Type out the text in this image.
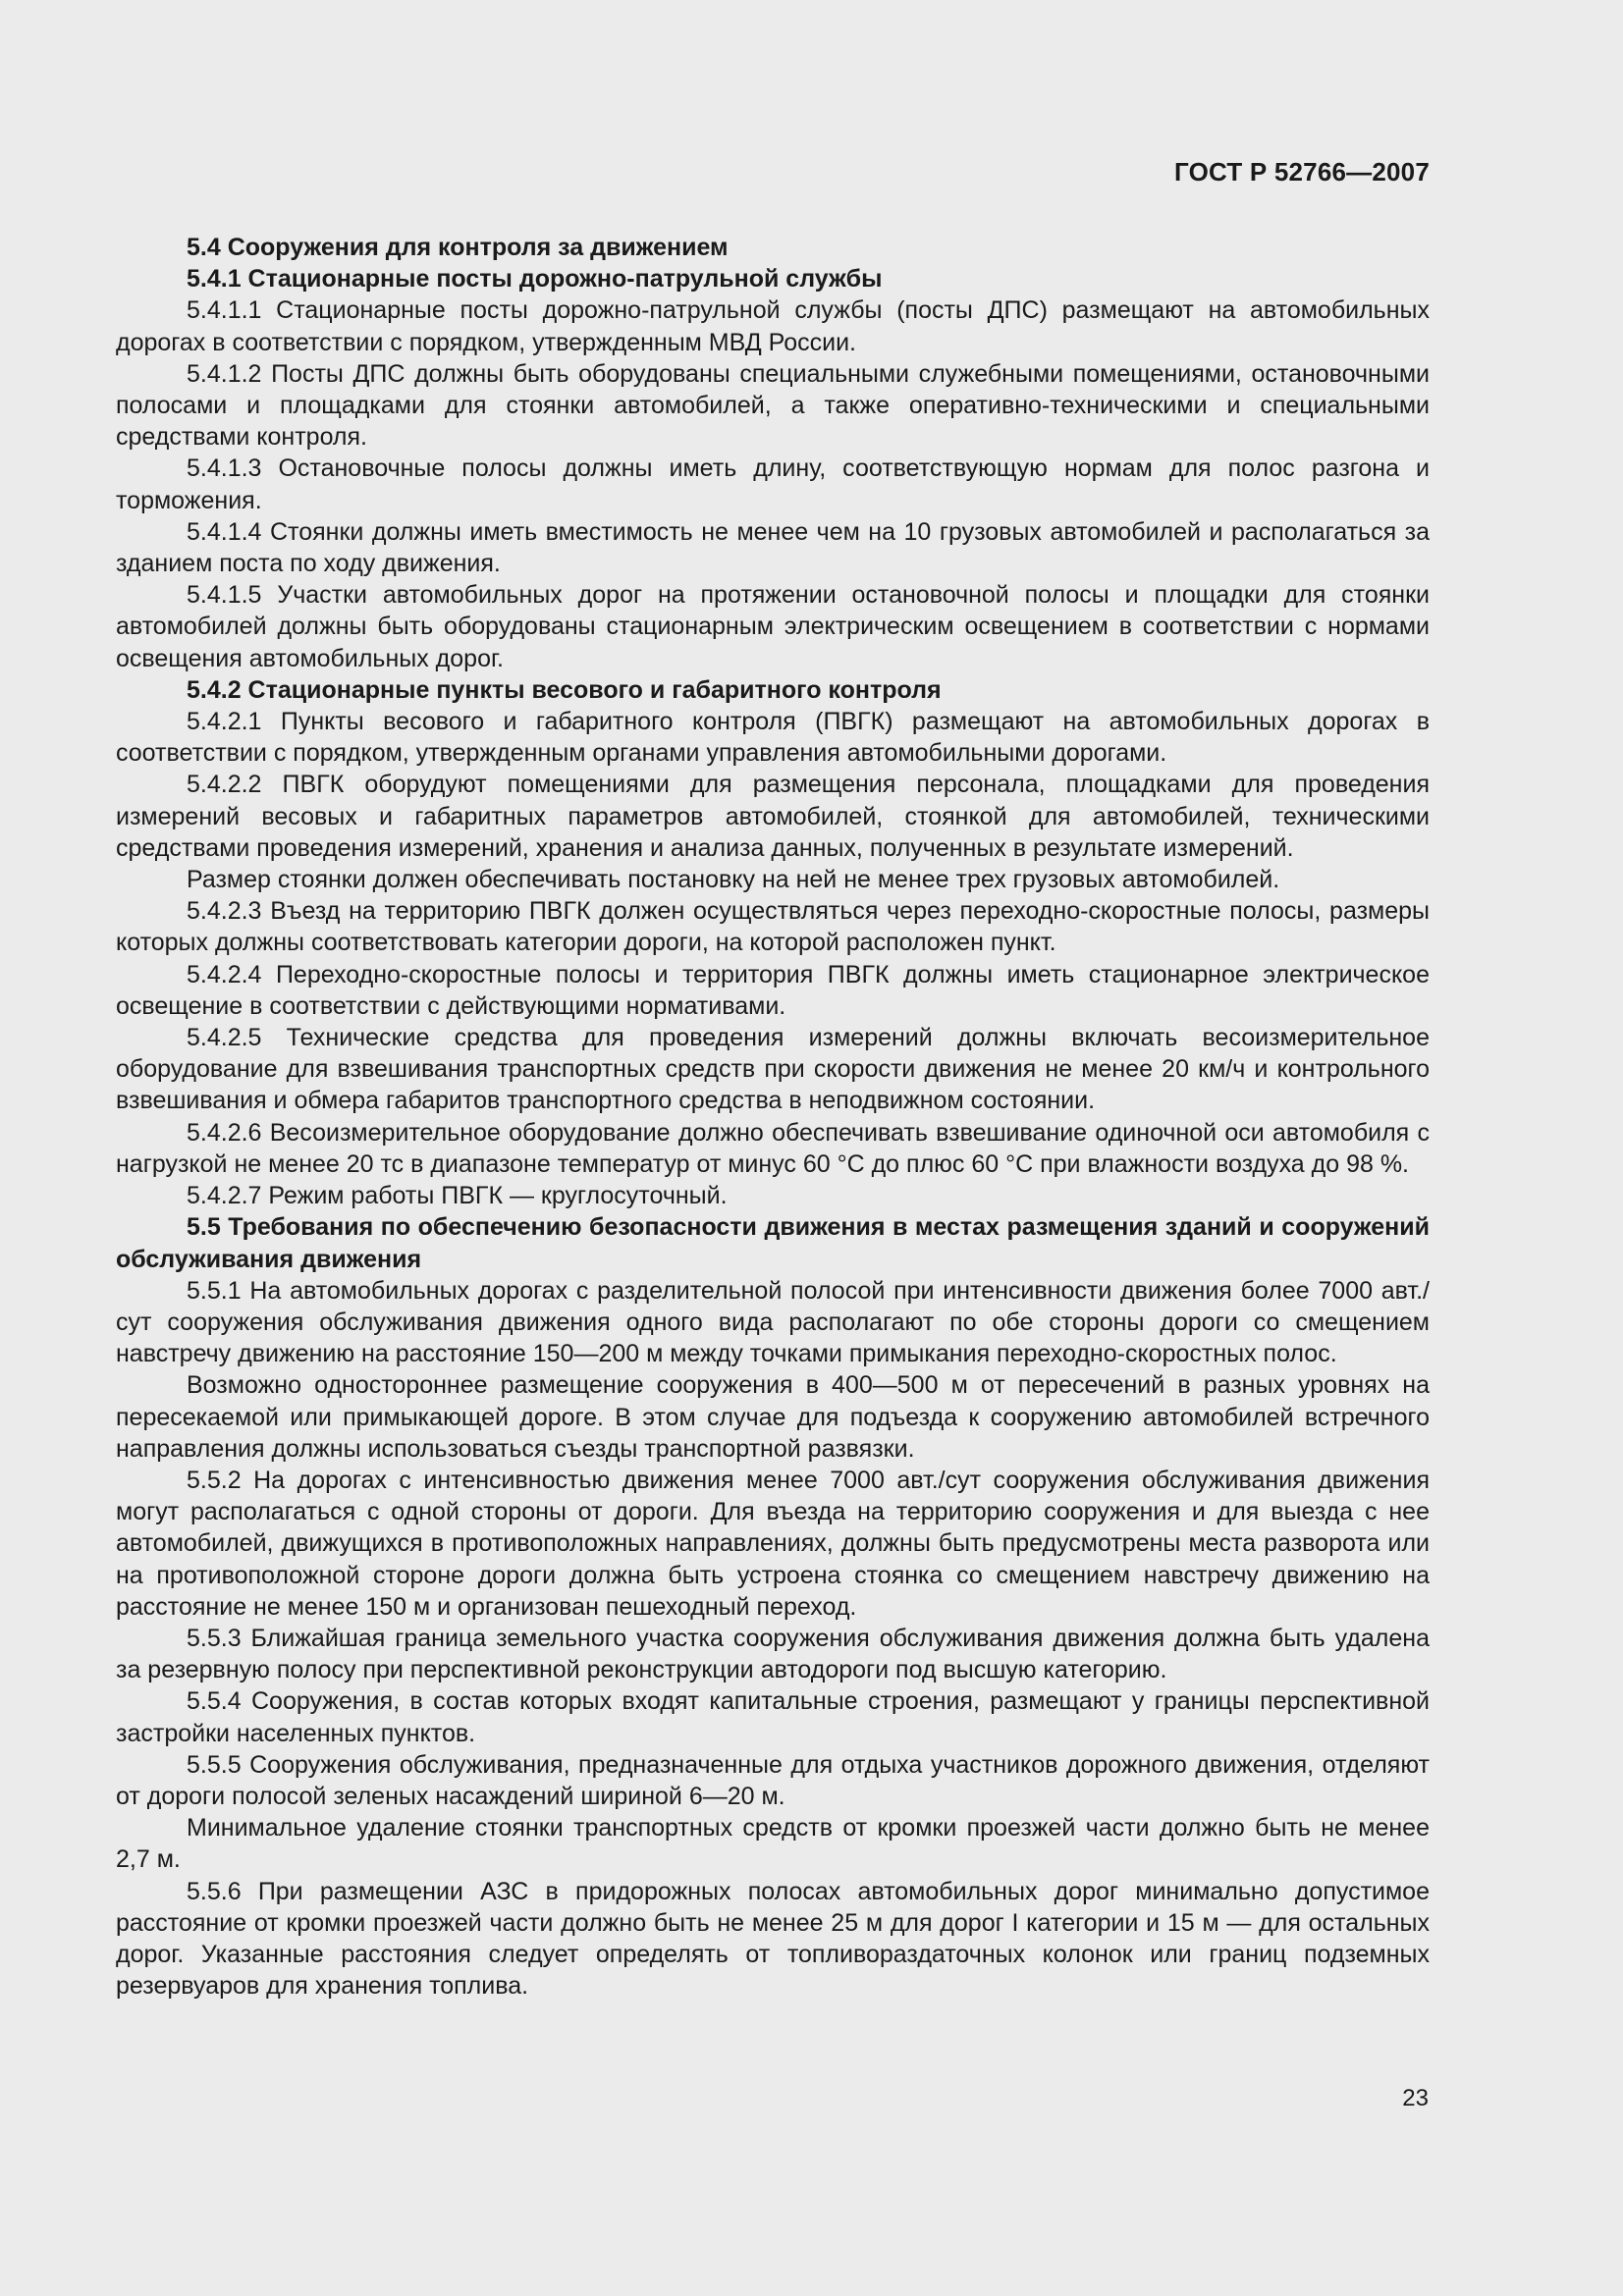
ГОСТ Р 52766—2007

5.4 Сооружения для контроля за движением

5.4.1 Стационарные посты дорожно-патрульной службы

5.4.1.1 Стационарные посты дорожно-патрульной службы (посты ДПС) размещают на автомобильных дорогах в соответствии с порядком, утвержденным МВД России.

5.4.1.2 Посты ДПС должны быть оборудованы специальными служебными помещениями, остановочными полосами и площадками для стоянки автомобилей, а также оперативно-техническими и специальными средствами контроля.

5.4.1.3 Остановочные полосы должны иметь длину, соответствующую нормам для полос разгона и торможения.

5.4.1.4 Стоянки должны иметь вместимость не менее чем на 10 грузовых автомобилей и располагаться за зданием поста по ходу движения.

5.4.1.5 Участки автомобильных дорог на протяжении остановочной полосы и площадки для стоянки автомобилей должны быть оборудованы стационарным электрическим освещением в соответствии с нормами освещения автомобильных дорог.

5.4.2 Стационарные пункты весового и габаритного контроля

5.4.2.1 Пункты весового и габаритного контроля (ПВГК) размещают на автомобильных дорогах в соответствии с порядком, утвержденным органами управления автомобильными дорогами.

5.4.2.2 ПВГК оборудуют помещениями для размещения персонала, площадками для проведения измерений весовых и габаритных параметров автомобилей, стоянкой для автомобилей, техническими средствами проведения измерений, хранения и анализа данных, полученных в результате измерений.

Размер стоянки должен обеспечивать постановку на ней не менее трех грузовых автомобилей.

5.4.2.3 Въезд на территорию ПВГК должен осуществляться через переходно-скоростные полосы, размеры которых должны соответствовать категории дороги, на которой расположен пункт.

5.4.2.4 Переходно-скоростные полосы и территория ПВГК должны иметь стационарное электрическое освещение в соответствии с действующими нормативами.

5.4.2.5 Технические средства для проведения измерений должны включать весоизмерительное оборудование для взвешивания транспортных средств при скорости движения не менее 20 км/ч и контрольного взвешивания и обмера габаритов транспортного средства в неподвижном состоянии.

5.4.2.6 Весоизмерительное оборудование должно обеспечивать взвешивание одиночной оси автомобиля с нагрузкой не менее 20 тс в диапазоне температур от минус 60 °С до плюс 60 °С при влажности воздуха до 98 %.

5.4.2.7 Режим работы ПВГК — круглосуточный.

5.5 Требования по обеспечению безопасности движения в местах размещения зданий и сооружений обслуживания движения

5.5.1 На автомобильных дорогах с разделительной полосой при интенсивности движения более 7000 авт./сут сооружения обслуживания движения одного вида располагают по обе стороны дороги со смещением навстречу движению на расстояние 150—200 м между точками примыкания переходно-скоростных полос.

Возможно одностороннее размещение сооружения в 400—500 м от пересечений в разных уровнях на пересекаемой или примыкающей дороге. В этом случае для подъезда к сооружению автомобилей встречного направления должны использоваться съезды транспортной развязки.

5.5.2 На дорогах с интенсивностью движения менее 7000 авт./сут сооружения обслуживания движения могут располагаться с одной стороны от дороги. Для въезда на территорию сооружения и для выезда с нее автомобилей, движущихся в противоположных направлениях, должны быть предусмотрены места разворота или на противоположной стороне дороги должна быть устроена стоянка со смещением навстречу движению на расстояние не менее 150 м и организован пешеходный переход.

5.5.3 Ближайшая граница земельного участка сооружения обслуживания движения должна быть удалена за резервную полосу при перспективной реконструкции автодороги под высшую категорию.

5.5.4 Сооружения, в состав которых входят капитальные строения, размещают у границы перспективной застройки населенных пунктов.

5.5.5 Сооружения обслуживания, предназначенные для отдыха участников дорожного движения, отделяют от дороги полосой зеленых насаждений шириной 6—20 м.

Минимальное удаление стоянки транспортных средств от кромки проезжей части должно быть не менее 2,7 м.

5.5.6 При размещении АЗС в придорожных полосах автомобильных дорог минимально допустимое расстояние от кромки проезжей части должно быть не менее 25 м для дорог I категории и 15 м — для остальных дорог. Указанные расстояния следует определять от топливораздаточных колонок или границ подземных резервуаров для хранения топлива.

23
